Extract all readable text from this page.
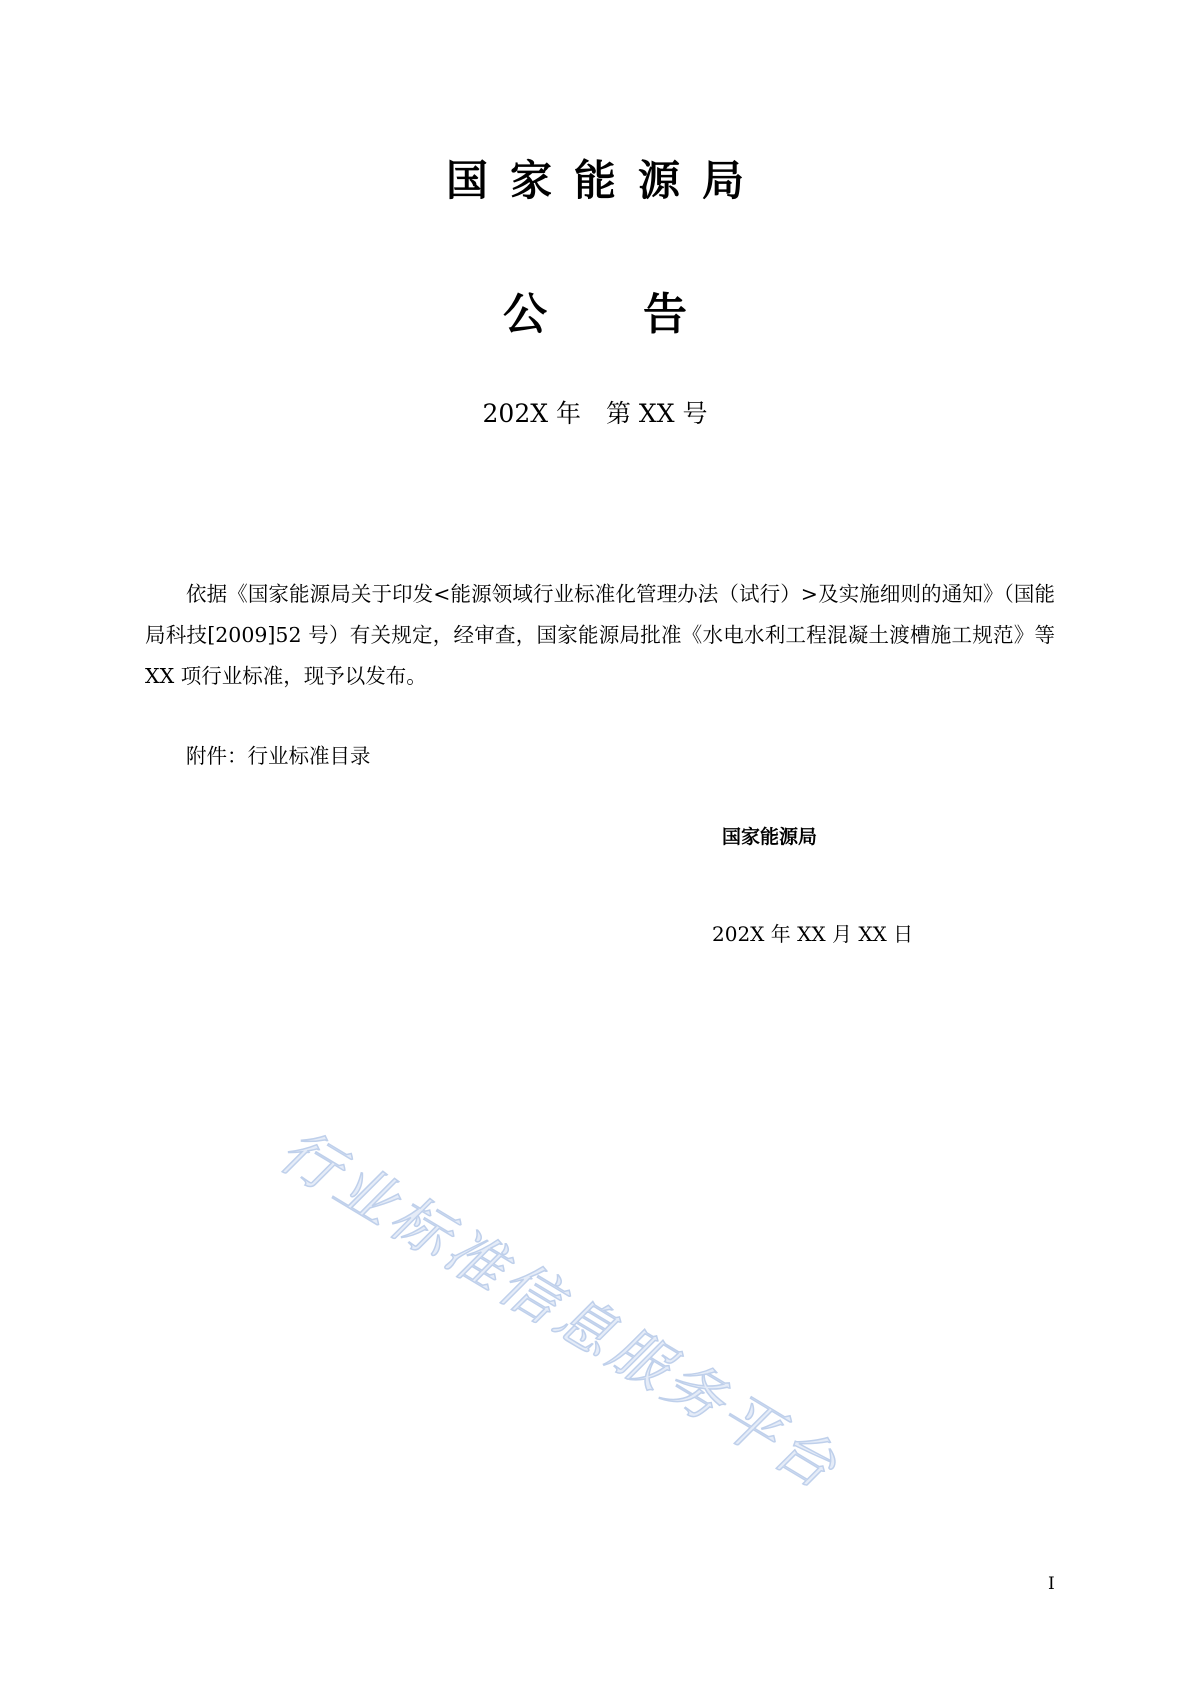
国家能源局
公告
202X 年　第 XX 号

依据《国家能源局关于印发<能源领域行业标准化管理办法（试行）>及实施细则的通知》（国能局科技[2009]52 号）有关规定，经审查，国家能源局批准《水电水利工程混凝土渡槽施工规范》等 XX 项行业标准，现予以发布。

附件：行业标准目录

国家能源局
202X 年 XX 月 XX 日
I
行业标准信息服务平台
